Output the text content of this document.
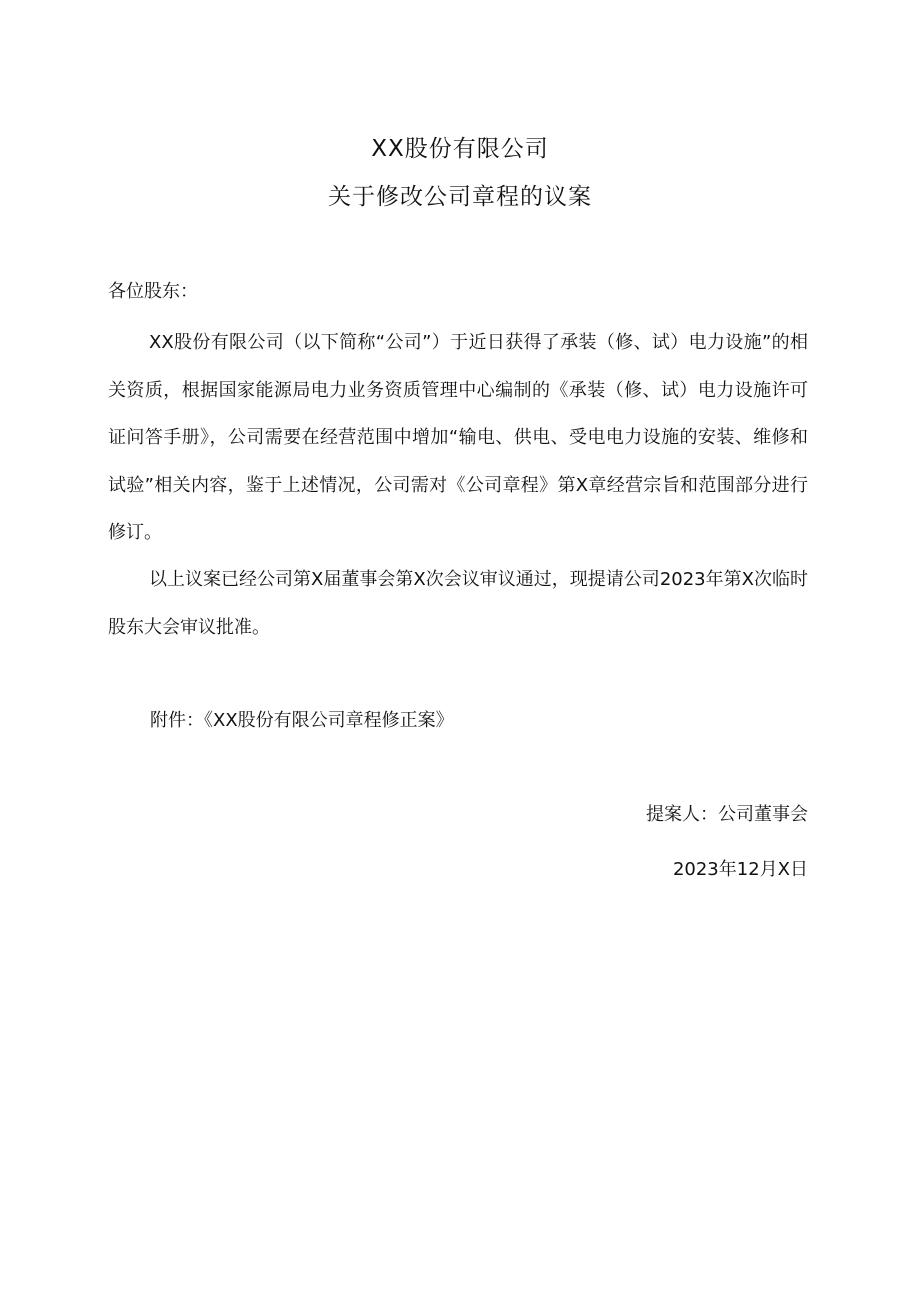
XX股份有限公司
关于修改公司章程的议案
各位股东：

XX股份有限公司（以下简称“公司”）于近日获得了承装（修、试）电力设施”的相关资质，根据国家能源局电力业务资质管理中心编制的《承装（修、试）电力设施许可证问答手册》，公司需要在经营范围中增加“输电、供电、受电电力设施的安装、维修和试验”相关内容，鉴于上述情况，公司需对《公司章程》第X章经营宗旨和范围部分进行修订。

以上议案已经公司第X届董事会第X次会议审议通过，现提请公司2023年第X次临时股东大会审议批准。

附件：《XX股份有限公司章程修正案》
提案人：公司董事会
2023年12月X日
